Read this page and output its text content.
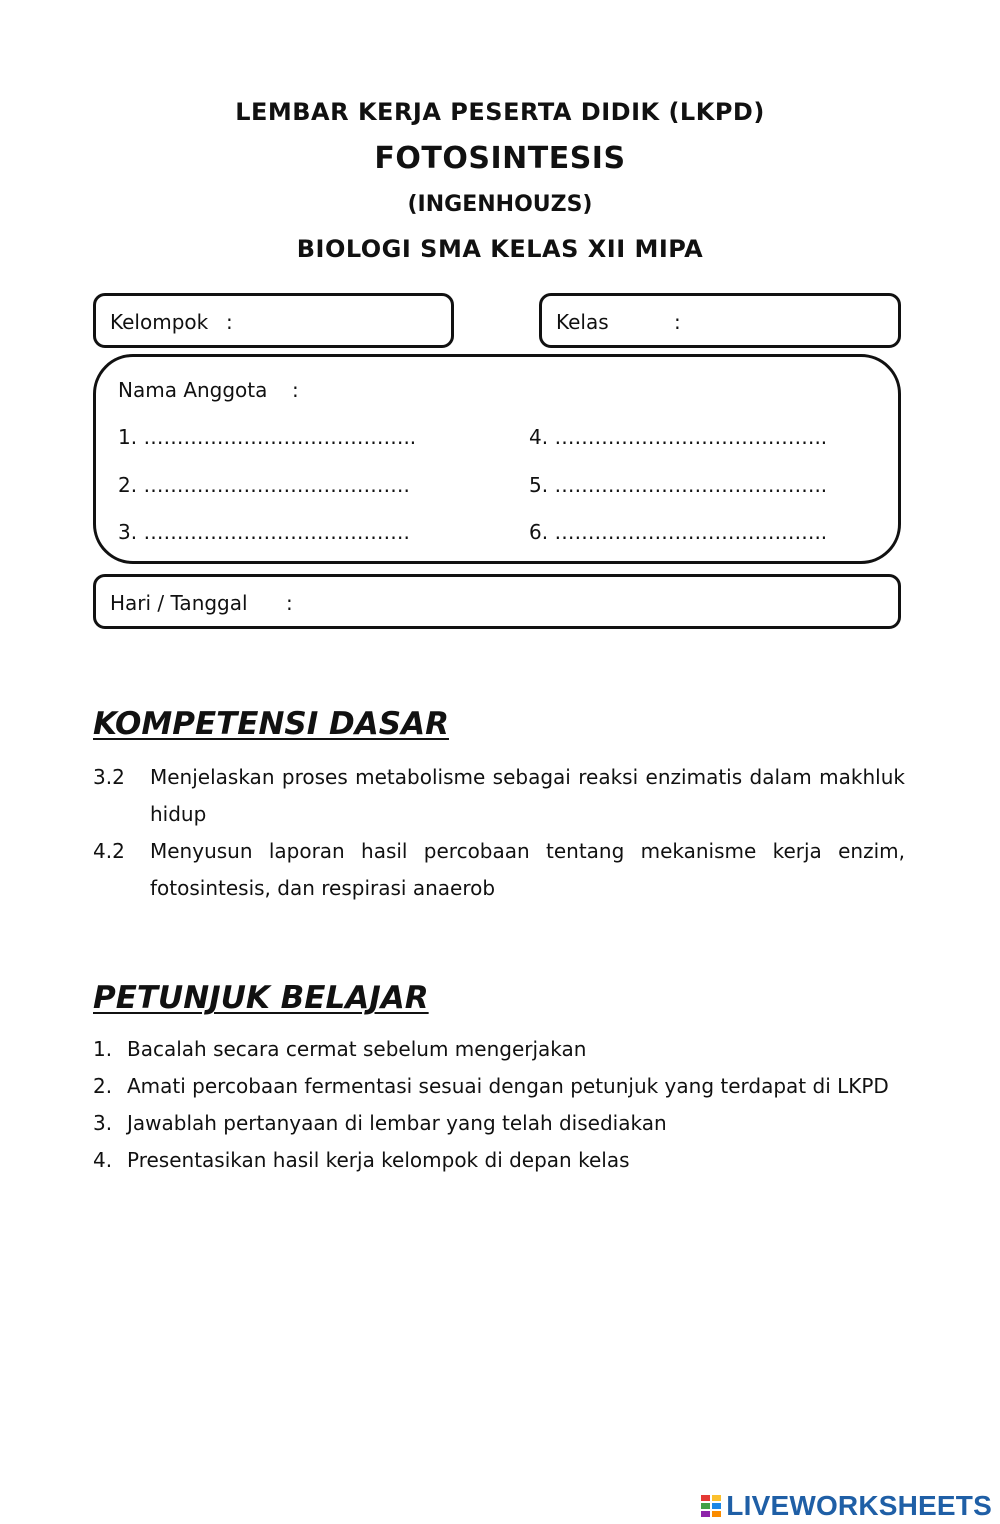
LEMBAR KERJA PESERTA DIDIK (LKPD)
FOTOSINTESIS
(INGENHOUZS)
BIOLOGI SMA KELAS XII MIPA
Kelompok :	Kelas	:
Nama Anggota :
1. …………………………………..
2. ………………………………….
3. ………………………………….
4. …………………………………..
5. …………………………………..
6. …………………………………..
Hari / Tanggal :
KOMPETENSI DASAR
3.2	Menjelaskan proses metabolisme sebagai reaksi enzimatis dalam makhluk hidup
4.2	Menyusun laporan hasil percobaan tentang mekanisme kerja enzim, fotosintesis, dan respirasi anaerob
PETUNJUK BELAJAR
1. Bacalah secara cermat sebelum mengerjakan
2. Amati percobaan fermentasi sesuai dengan petunjuk yang terdapat di LKPD
3. Jawablah pertanyaan di lembar yang telah disediakan
4. Presentasikan hasil kerja kelompok di depan kelas
LIVEWORKSHEETS
